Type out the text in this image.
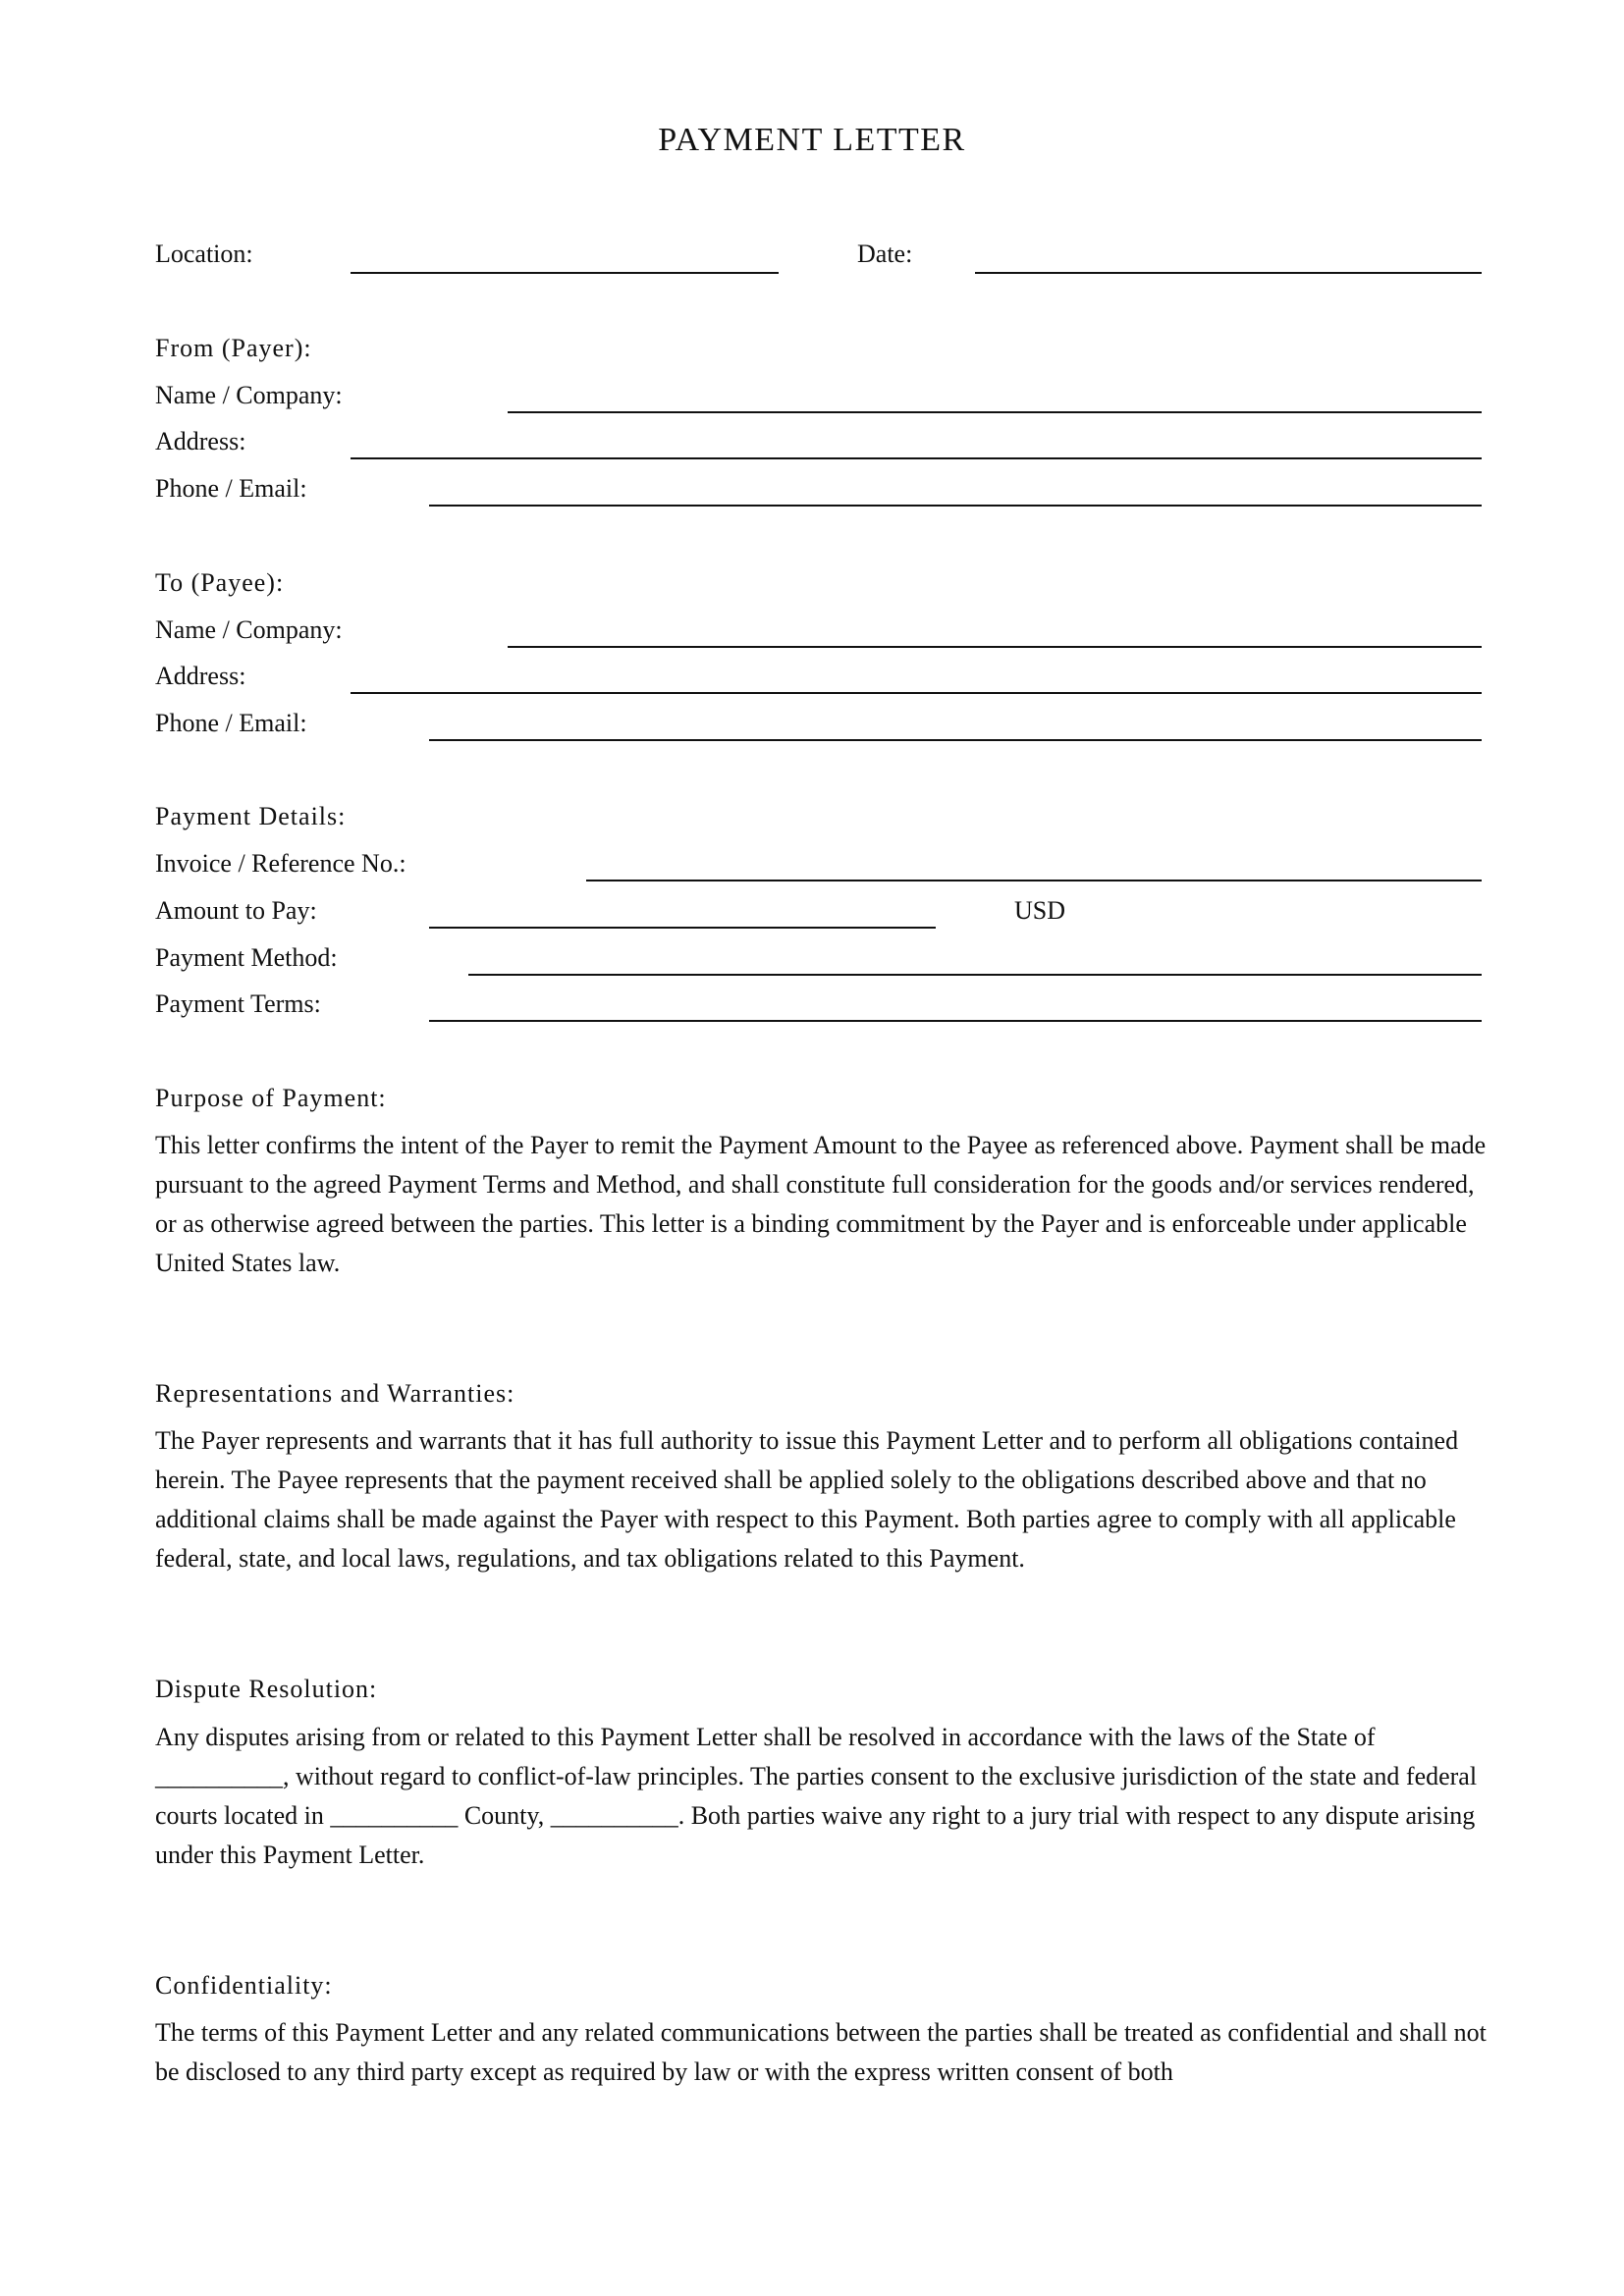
PAYMENT LETTER
Location:	Date:
From (Payer):
Name / Company:
Address:
Phone / Email:
To (Payee):
Name / Company:
Address:
Phone / Email:
Payment Details:
Invoice / Reference No.:
Amount to Pay:	USD
Payment Method:
Payment Terms:
Purpose of Payment:
This letter confirms the intent of the Payer to remit the Payment Amount to the Payee as referenced above. Payment shall be made pursuant to the agreed Payment Terms and Method, and shall constitute full consideration for the goods and/or services rendered, or as otherwise agreed between the parties. This letter is a binding commitment by the Payer and is enforceable under applicable United States law.
Representations and Warranties:
The Payer represents and warrants that it has full authority to issue this Payment Letter and to perform all obligations contained herein. The Payee represents that the payment received shall be applied solely to the obligations described above and that no additional claims shall be made against the Payer with respect to this Payment. Both parties agree to comply with all applicable federal, state, and local laws, regulations, and tax obligations related to this Payment.
Dispute Resolution:
Any disputes arising from or related to this Payment Letter shall be resolved in accordance with the laws of the State of __________, without regard to conflict-of-law principles. The parties consent to the exclusive jurisdiction of the state and federal courts located in __________ County, __________. Both parties waive any right to a jury trial with respect to any dispute arising under this Payment Letter.
Confidentiality:
The terms of this Payment Letter and any related communications between the parties shall be treated as confidential and shall not be disclosed to any third party except as required by law or with the express written consent of both
